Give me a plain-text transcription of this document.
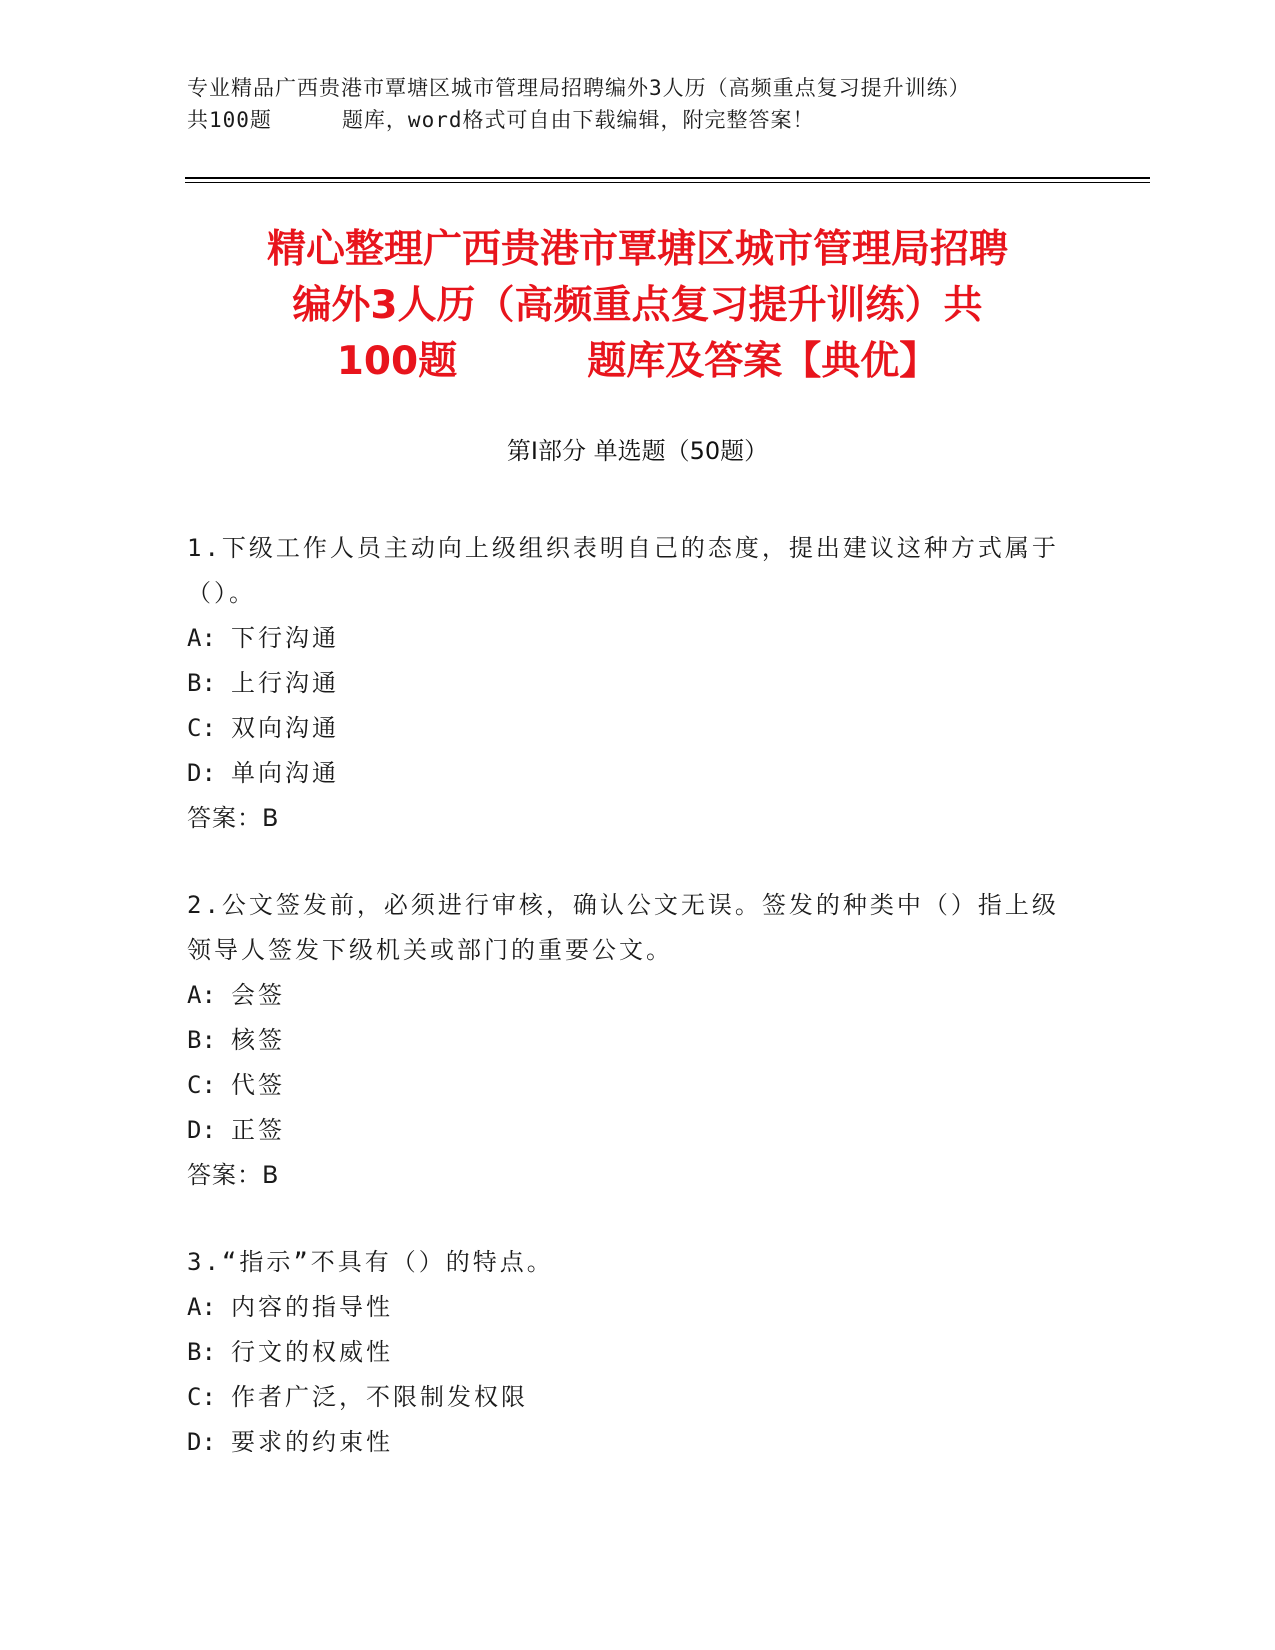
专业精品广西贵港市覃塘区城市管理局招聘编外3人历（高频重点复习提升训练）
共100题	题库，word格式可自由下载编辑，附完整答案！
精心整理广西贵港市覃塘区城市管理局招聘
编外3人历（高频重点复习提升训练）共
100题	题库及答案【典优】
第Ⅰ部分 单选题（50题）

1.下级工作人员主动向上级组织表明自己的态度，提出建议这种方式属于（）。

A: 下行沟通

B: 上行沟通

C: 双向沟通

D: 单向沟通

答案：B

2.公文签发前，必须进行审核，确认公文无误。签发的种类中（）指上级领导人签发下级机关或部门的重要公文。

A: 会签

B: 核签

C: 代签

D: 正签

答案：B

3.“指示”不具有（）的特点。

A: 内容的指导性

B: 行文的权威性

C: 作者广泛，不限制发权限

D: 要求的约束性
